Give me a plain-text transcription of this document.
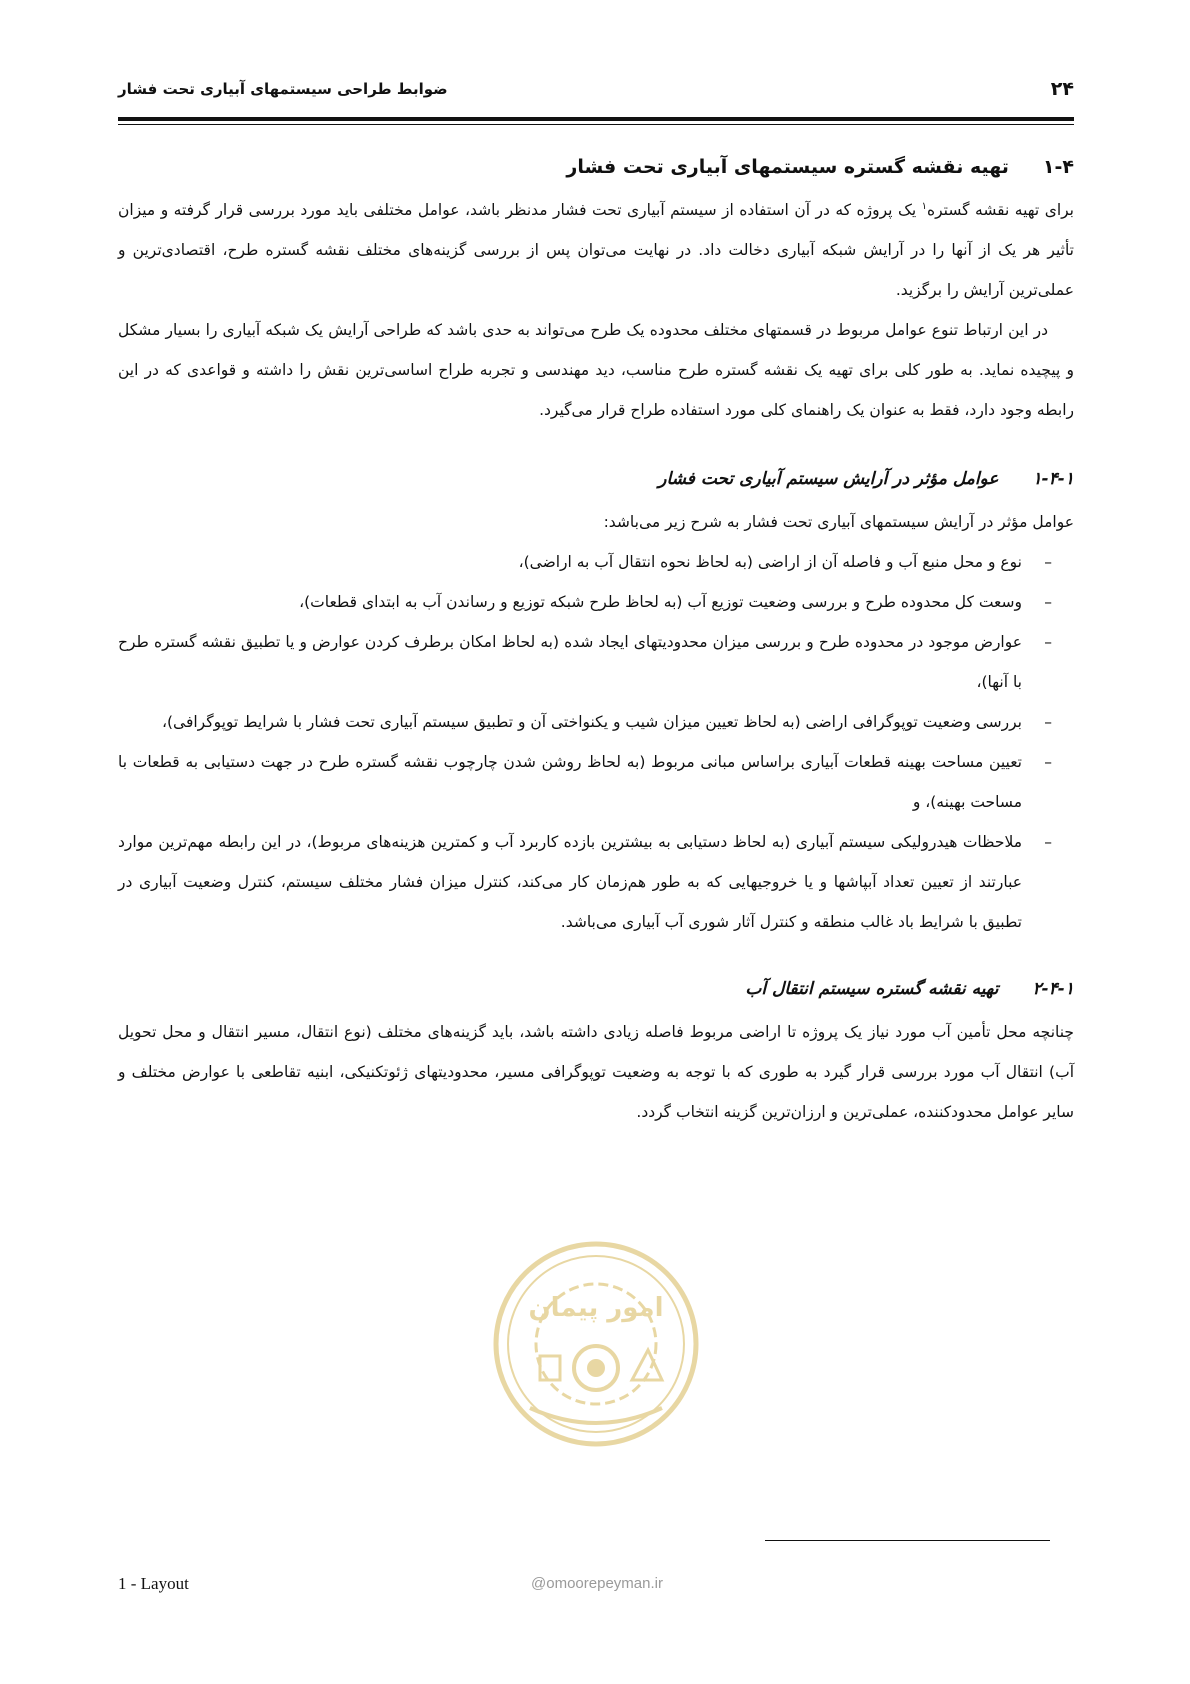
۲۴
ضوابط طراحی سیستمهای آبیاری تحت فشار
۱-۴تهیه نقشه گستره سیستمهای آبیاری تحت فشار

برای تهیه نقشه گستره$^۱$ یک پروژه که در آن استفاده از سیستم آبیاری تحت فشار مدنظر باشد، عوامل مختلفی باید مورد بررسی قرار گرفته و میزان تأثیر هر یک از آنها را در آرایش شبکه آبیاری دخالت داد. در نهایت می‌توان پس از بررسی گزینه‌های مختلف نقشه گستره طرح، اقتصادی‌ترین و عملی‌ترین آرایش را برگزید.

در این ارتباط تنوع عوامل مربوط در قسمتهای مختلف محدوده یک طرح می‌تواند به حدی باشد که طراحی آرایش یک شبکه آبیاری را بسیار مشکل و پیچیده نماید. به طور کلی برای تهیه یک نقشه گستره طرح مناسب، دید مهندسی و تجربه طراح اساسی‌ترین نقش را داشته و قواعدی که در این رابطه وجود دارد، فقط به عنوان یک راهنمای کلی مورد استفاده طراح قرار می‌گیرد.

۱-۴-۱عوامل مؤثر در آرایش سیستم آبیاری تحت فشار

عوامل مؤثر در آرایش سیستمهای آبیاری تحت فشار به شرح زیر می‌باشد:

–
نوع و محل منبع آب و فاصله آن از اراضی (به لحاظ نحوه انتقال آب به اراضی)،
–
وسعت کل محدوده طرح و بررسی وضعیت توزیع آب (به لحاظ طرح شبکه توزیع و رساندن آب به ابتدای قطعات)،
–
عوارض موجود در محدوده طرح و بررسی میزان محدودیتهای ایجاد شده (به لحاظ امکان برطرف کردن عوارض و یا تطبیق نقشه گستره طرح با آنها)،
–
بررسی وضعیت توپوگرافی اراضی (به لحاظ تعیین میزان شیب و یکنواختی آن و تطبیق سیستم آبیاری تحت فشار با شرایط توپوگرافی)،
–
تعیین مساحت بهینه قطعات آبیاری براساس مبانی مربوط (به لحاظ روشن شدن چارچوب نقشه گستره طرح در جهت دستیابی به قطعات با مساحت بهینه)، و
–
ملاحظات هیدرولیکی سیستم آبیاری (به لحاظ دستیابی به بیشترین بازده کاربرد آب و کمترین هزینه‌های مربوط)، در این رابطه مهم‌ترین موارد عبارتند از تعیین تعداد آبپاشها و یا خروجیهایی که به طور هم‌زمان کار می‌کند، کنترل میزان فشار مختلف سیستم، کنترل وضعیت آبیاری در تطبیق با شرایط باد غالب منطقه و کنترل آثار شوری آب آبیاری می‌باشد.
۲-۴-۱تهیه نقشه گستره سیستم انتقال آب

چنانچه محل تأمین آب مورد نیاز یک پروژه تا اراضی مربوط فاصله زیادی داشته باشد، باید گزینه‌های مختلف (نوع انتقال، مسیر انتقال و محل تحویل آب) انتقال آب مورد بررسی قرار گیرد به طوری که با توجه به وضعیت توپوگرافی مسیر، محدودیتهای ژئوتکنیکی، ابنیه تقاطعی با عوارض مختلف و سایر عوامل محدودکننده، عملی‌ترین و ارزان‌ترین گزینه انتخاب گردد.

امور پیمان
1 - Layout	@omoorepeyman.ir
